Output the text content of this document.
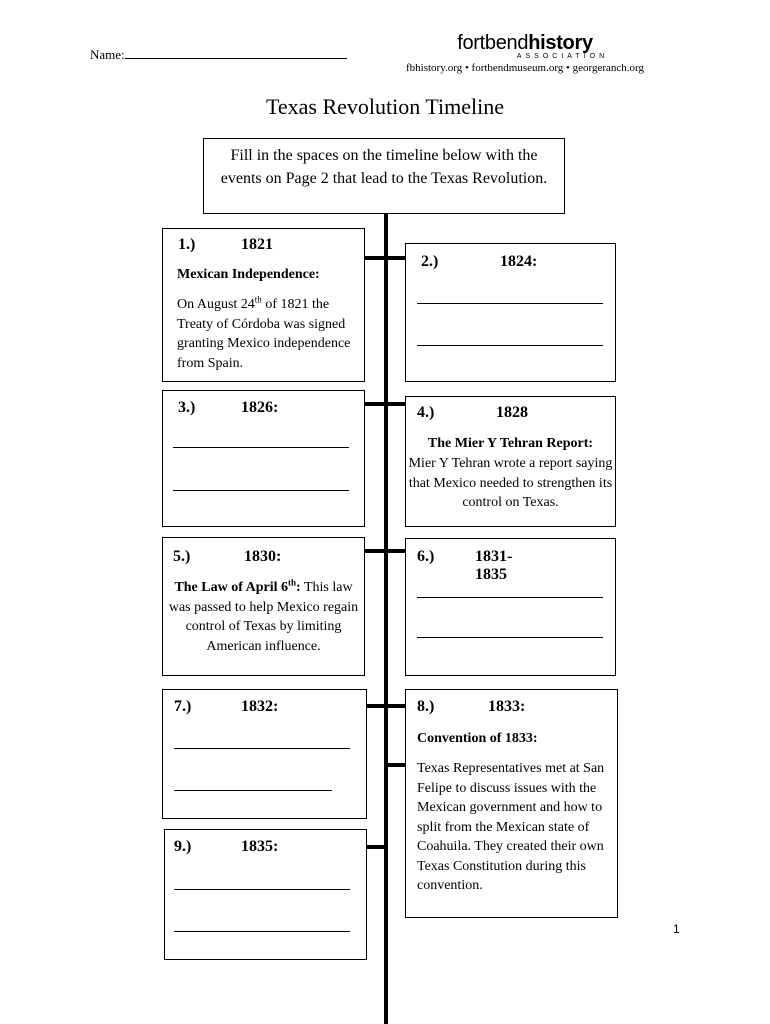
Name:
fortbendhistory
ASSOCIATION
fbhistory.org • fortbendmuseum.org • georgeranch.org
Texas Revolution Timeline
Fill in the spaces on the timeline below with the events on Page 2 that lead to the Texas Revolution.
1.)	1821
Mexican Independence:
On August 24th of 1821 the Treaty of Córdoba was signed granting Mexico independence from Spain.
2.)	1824:
3.)	1826:	4.)	1828
The Mier Y Tehran Report:
Mier Y Tehran wrote a report saying that Mexico needed to strengthen its control on Texas.
5.)	1830:
The Law of April 6th: This law was passed to help Mexico regain control of Texas by limiting American influence.
6.)	1831-1835
7.)	1832:	8.)	1833:
Convention of 1833:
Texas Representatives met at San Felipe to discuss issues with the Mexican government and how to split from the Mexican state of Coahuila. They created their own Texas Constitution during this convention.
9.)	1835:
1
